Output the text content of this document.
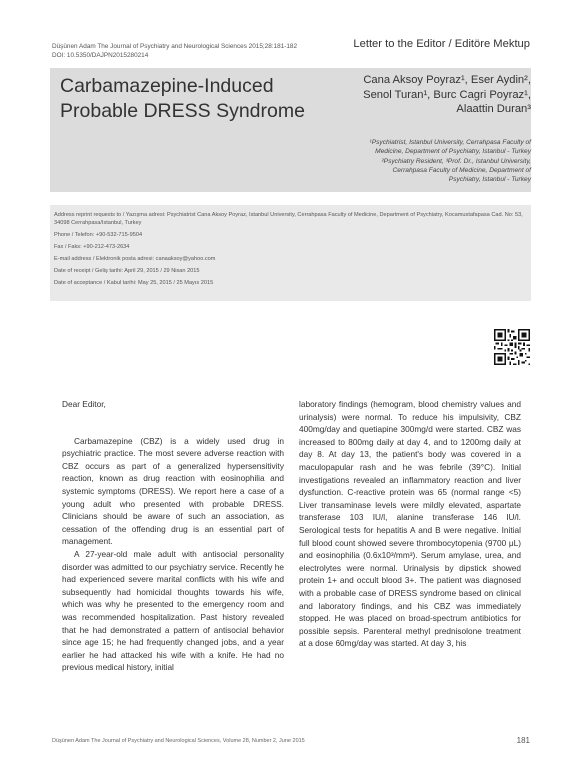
Düşünen Adam The Journal of Psychiatry and Neurological Sciences 2015;28:181-182
DOI: 10.5350/DAJPN2015280214
Letter to the Editor / Editöre Mektup
Carbamazepine-Induced
Probable DRESS Syndrome
Cana Aksoy Poyraz¹, Eser Aydin²,
Senol Turan¹, Burc Cagri Poyraz¹,
Alaattin Duran³
¹Psychiatrist, Istanbul University, Cerrahpasa Faculty of
Medicine, Department of Psychiatry, Istanbul - Turkey
²Psychiatry Resident, ³Prof. Dr., Istanbul University,
Cerrahpasa Faculty of Medicine, Department of
Psychiatry, Istanbul - Turkey

Address reprint requests to / Yazışma adresi: Psychiatrist Cana Aksoy Poyraz, Istanbul University, Cerrahpasa Faculty of Medicine, Department of Psychiatry, Kocamustafapasa Cad. No: 53, 34098 Cerrahpasa/Istanbul, Turkey

Phone / Telefon: +90-532-715-9504

Fax / Faks: +90-212-473-2634

E-mail address / Elektronik posta adresi: canaaksoy@yahoo.com

Date of receipt / Geliş tarihi: April 29, 2015 / 29 Nisan 2015

Date of acceptance / Kabul tarihi: May 25, 2015 / 25 Mayıs 2015

Dear Editor,

Carbamazepine (CBZ) is a widely used drug in psychiatric practice. The most severe adverse reaction with CBZ occurs as part of a generalized hypersensitivity reaction, known as drug reaction with eosinophilia and systemic symptoms (DRESS). We report here a case of a young adult who presented with probable DRESS. Clinicians should be aware of such an association, as cessation of the offending drug is an essential part of management.

A 27-year-old male adult with antisocial personality disorder was admitted to our psychiatry service. Recently he had experienced severe marital conflicts with his wife and subsequently had homicidal thoughts towards his wife, which was why he presented to the emergency room and was recommended hospitalization. Past history revealed that he had demonstrated a pattern of antisocial behavior since age 15; he had frequently changed jobs, and a year earlier he had attacked his wife with a knife. He had no previous medical history, initial

laboratory findings (hemogram, blood chemistry values and urinalysis) were normal. To reduce his impulsivity, CBZ 400mg/day and quetiapine 300mg/d were started. CBZ was increased to 800mg daily at day 4, and to 1200mg daily at day 8. At day 13, the patient's body was covered in a maculopapular rash and he was febrile (39°C). Initial investigations revealed an inflammatory reaction and liver dysfunction. C-reactive protein was 65 (normal range <5) Liver transaminase levels were mildly elevated, aspartate transferase 103 IU/l, alanine transferase 146 IU/l. Serological tests for hepatitis A and B were negative. Initial full blood count showed severe thrombocytopenia (9700 μL) and eosinophilia (0.6x10³/mm³). Serum amylase, urea, and electrolytes were normal. Urinalysis by dipstick showed protein 1+ and occult blood 3+. The patient was diagnosed with a probable case of DRESS syndrome based on clinical and laboratory findings, and his CBZ was immediately stopped. He was placed on broad-spectrum antibiotics for possible sepsis. Parenteral methyl prednisolone treatment at a dose 60mg/day was started. At day 3, his

Düşünen Adam The Journal of Psychiatry and Neurological Sciences, Volume 28, Number 2, June 2015	181
